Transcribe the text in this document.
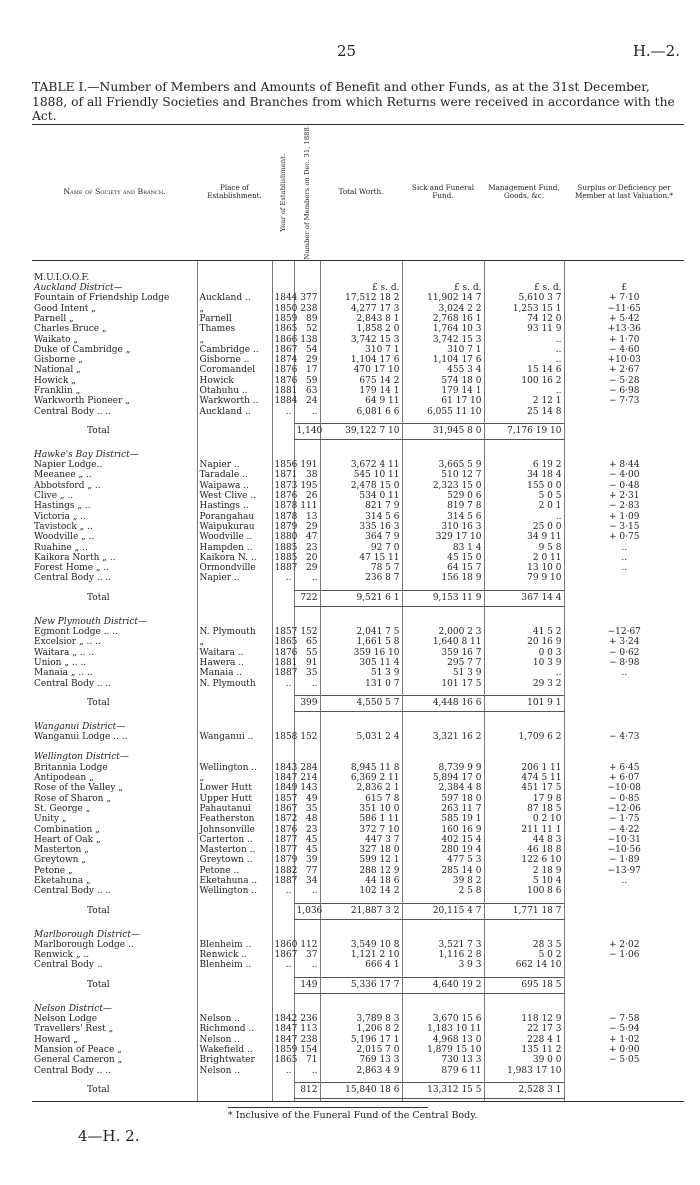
25	H.—2.
TABLE I.—Number of Members and Amounts of Benefit and other Funds, as at the 31st December, 1888, of all Friendly Societies and Branches from which Returns were received in accordance with the Act.
Name of Society and Branch.	Place of Establishment.	Year of Establishment.	Number of Members on Dec. 31, 1888.	Total Worth.	Sick and Funeral Fund.	Management Fund, Goods, &c.	Surplus or Deficiency per Member at last Valuation.*

M.U.I.O.O.F.							
Auckland District—				£ s. d.	£ s. d.	£ s. d.	£
Fountain of Friendship Lodge	Auckland ..	1844	377	17,512 18 2	11,902 14 7	5,610 3 7	+ 7·10
Good Intent „	„	1850	238	4,277 17 3	3,024 2 2	1,253 15 1	−11·65
Parnell „	Parnell	1859	89	2,843 8 1	2,768 16 1	74 12 0	+ 5·42
Charles Bruce „	Thames	1865	52	1,858 2 0	1,764 10 3	93 11 9	+13·36
Waikato „	„	1866	138	3,742 15 3	3,742 15 3	..	+ 1·70
Duke of Cambridge „	Cambridge ..	1867	54	310 7 1	310 7 1	..	− 4·60
Gisborne „	Gisborne ..	1874	29	1,104 17 6	1,104 17 6	..	+10·03
National „	Coromandel	1876	17	470 17 10	455 3 4	15 14 6	+ 2·67
Howick „	Howick	1876	59	675 14 2	574 18 0	100 16 2	− 5·28
Franklin „	Otahuhu ..	1881	63	179 14 1	179 14 1	..	− 6·98
Warkworth Pioneer „	Warkworth ..	1884	24	64 9 11	61 17 10	2 12 1	− 7·73
Central Body .. ..	Auckland ..	..	..	6,081 6 6	6,055 11 10	25 14 8	

Total			1,140	39,122 7 10	31,945 8 0	7,176 19 10	

Hawke's Bay District—							
Napier Lodge..	Napier ..	1856	191	3,672 4 11	3,665 5 9	6 19 2	+ 8·44
Meeanee „ ..	Taradale ..	1871	38	545 10 11	510 12 7	34 18 4	− 4·00
Abbotsford „ ..	Waipawa ..	1873	195	2,478 15 0	2,323 15 0	155 0 0	− 0·48
Clive „ ..	West Clive ..	1876	26	534 0 11	529 0 6	5 0 5	+ 2·31
Hastings „ ..	Hastings ..	1878	111	821 7 9	819 7 8	2 0 1	− 2·83
Victoria „ ..	Porangahau	1878	13	314 5 6	314 5 6	..	+ 1·09
Tavistock „ ..	Waipukurau	1879	29	335 16 3	310 16 3	25 0 0	− 3·15
Woodville „ ..	Woodville ..	1880	47	364 7 9	329 17 10	34 9 11	+ 0·75
Ruahine „ ..	Hampden ..	1885	23	92 7 0	83 1 4	9 5 8	..
Kaikora North „ ..	Kaikora N. ..	1885	20	47 15 11	45 15 0	2 0 11	..
Forest Home „ ..	Ormondville	1887	29	78 5 7	64 15 7	13 10 0	..
Central Body .. ..	Napier ..	..	..	236 8 7	156 18 9	79 9 10	

Total			722	9,521 6 1	9,153 11 9	367 14 4	

New Plymouth District—							
Egmont Lodge .. ..	N. Plymouth	1857	152	2,041 7 5	2,000 2 3	41 5 2	−12·67
Excelsior „ .. ..	„	1865	65	1,661 5 8	1,640 8 11	20 16 9	+ 3·24
Waitara „ .. ..	Waitara ..	1876	55	359 16 10	359 16 7	0 0 3	− 0·62
Union „ .. ..	Hawera ..	1881	91	305 11 4	295 7 7	10 3 9	− 8·98
Manaia „ .. ..	Manaia ..	1887	35	51 3 9	51 3 9	..	..
Central Body .. ..	N. Plymouth	..	..	131 0 7	101 17 5	29 3 2	

Total			399	4,550 5 7	4,448 16 6	101 9 1	

Wanganui District—							
Wanganui Lodge .. ..	Wanganui ..	1858	152	5,031 2 4	3,321 16 2	1,709 6 2	− 4·73

Wellington District—							
Britannia Lodge	Wellington ..	1843	284	8,945 11 8	8,739 9 9	206 1 11	+ 6·45
Antipodean „	„	1847	214	6,369 2 11	5,894 17 0	474 5 11	+ 6·07
Rose of the Valley „	Lower Hutt	1849	143	2,836 2 1	2,384 4 8	451 17 5	−10·08
Rose of Sharon „	Upper Hutt	1857	49	615 7 8	597 18 0	17 9 8	− 0·85
St. George „	Pahautanui	1867	35	351 10 0	263 11 7	87 18 5	−12·06
Unity „	Featherston	1872	48	586 1 11	585 19 1	0 2 10	− 1·75
Combination „	Johnsonville	1876	23	372 7 10	160 16 9	211 11 1	− 4·22
Heart of Oak „	Carterton ..	1877	45	447 3 7	402 15 4	44 8 3	−10·31
Masterton „	Masterton ..	1877	45	327 18 0	280 19 4	46 18 8	−10·56
Greytown „	Greytown ..	1879	39	599 12 1	477 5 3	122 6 10	− 1·89
Petone „	Petone ..	1882	77	288 12 9	285 14 0	2 18 9	−13·97
Eketahuna „	Eketahuna ..	1887	34	44 18 6	39 8 2	5 10 4	..
Central Body .. ..	Wellington ..	..	..	102 14 2	2 5 8	100 8 6	

Total			1,036	21,887 3 2	20,115 4 7	1,771 18 7	

Marlborough District—							
Marlborough Lodge ..	Blenheim ..	1860	112	3,549 10 8	3,521 7 3	28 3 5	+ 2·02
Renwick „ ..	Renwick ..	1867	37	1,121 2 10	1,116 2 8	5 0 2	− 1·06
Central Body ..	Blenheim ..	..	..	666 4 1	3 9 3	662 14 10	

Total			149	5,336 17 7	4,640 19 2	695 18 5	

Nelson District—							
Nelson Lodge	Nelson ..	1842	236	3,789 8 3	3,670 15 6	118 12 9	− 7·58
Travellers' Rest „	Richmond ..	1847	113	1,206 8 2	1,183 10 11	22 17 3	− 5·94
Howard „	Nelson ..	1847	238	5,196 17 1	4,968 13 0	228 4 1	+ 1·02
Mansion of Peace „	Wakefield ..	1859	154	2,015 7 0	1,879 15 10	135 11 2	+ 0·90
General Cameron „	Brightwater	1865	71	769 13 3	730 13 3	39 0 0	− 5·05
Central Body .. ..	Nelson ..	..	..	2,863 4 9	879 6 11	1,983 17 10	

Total			812	15,840 18 6	13,312 15 5	2,528 3 1	

* Inclusive of the Funeral Fund of the Central Body.
4—H. 2.
